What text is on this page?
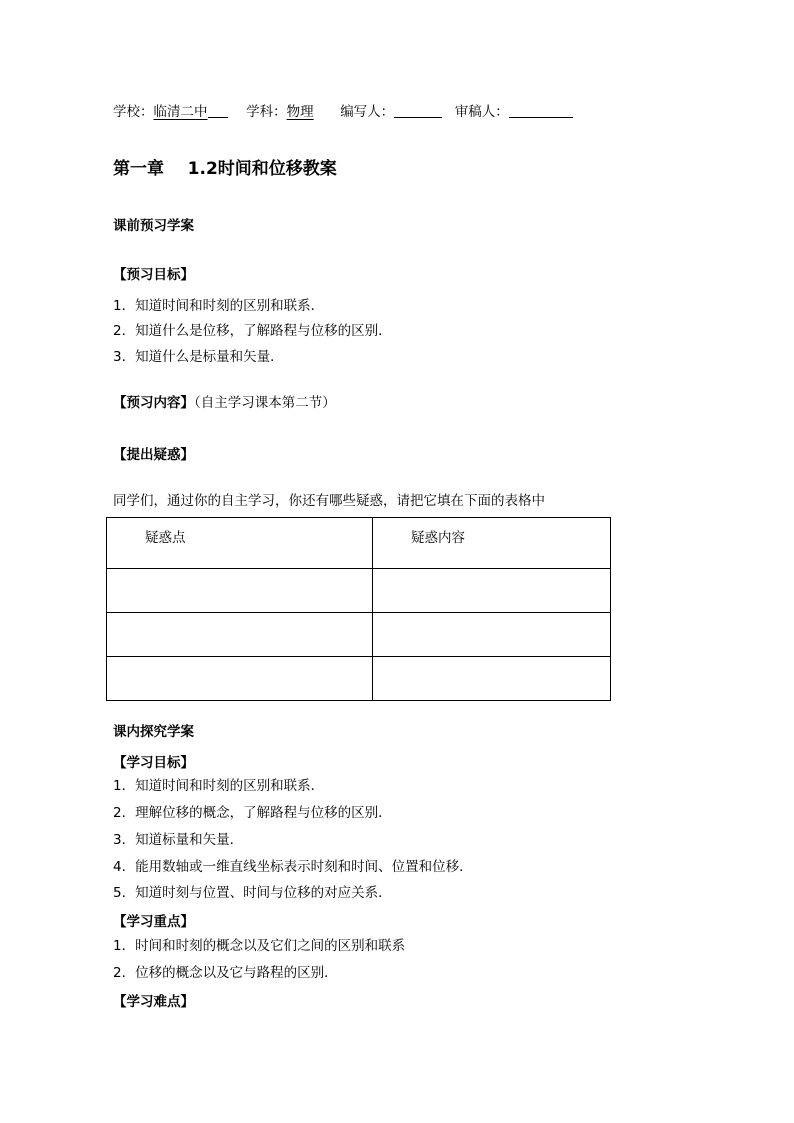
学校：临清二中	学科：物理 编写人：	审稿人：
第一章    1.2时间和位移教案
课前预习学案
【预习目标】
1．知道时间和时刻的区别和联系．
2．知道什么是位移，了解路程与位移的区别．
3．知道什么是标量和矢量．
【预习内容】（自主学习课本第二节）
【提出疑惑】
同学们，通过你的自主学习，你还有哪些疑惑，请把它填在下面的表格中
疑惑点	疑惑内容

课内探究学案
【学习目标】
1．知道时间和时刻的区别和联系．
2．理解位移的概念，了解路程与位移的区别．
3．知道标量和矢量．
4．能用数轴或一维直线坐标表示时刻和时间、位置和位移．
5．知道时刻与位置、时间与位移的对应关系．
【学习重点】
1．时间和时刻的概念以及它们之间的区别和联系
2．位移的概念以及它与路程的区别．
【学习难点】
